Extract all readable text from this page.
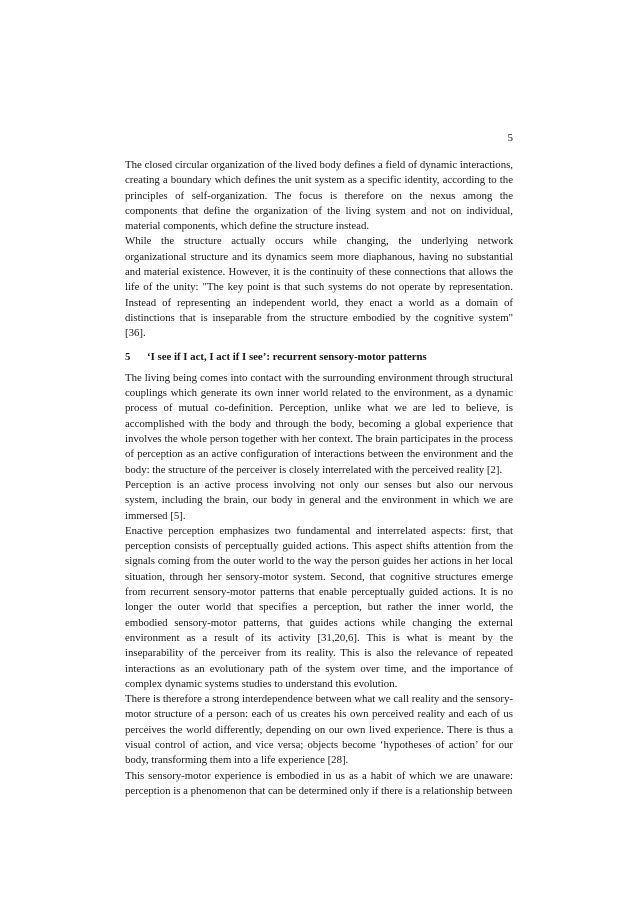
5

The closed circular organization of the lived body defines a field of dynamic interactions, creating a boundary which defines the unit system as a specific identity, according to the principles of self-organization. The focus is therefore on the nexus among the components that define the organization of the living system and not on individual, material components, which define the structure instead.

While the structure actually occurs while changing, the underlying network organizational structure and its dynamics seem more diaphanous, having no substantial and material existence. However, it is the continuity of these connections that allows the life of the unity: "The key point is that such systems do not operate by representation. Instead of representing an independent world, they enact a world as a domain of distinctions that is inseparable from the structure embodied by the cognitive system" [36].

5 ‘I see if I act, I act if I see’: recurrent sensory-motor patterns

The living being comes into contact with the surrounding environment through structural couplings which generate its own inner world related to the environment, as a dynamic process of mutual co-definition. Perception, unlike what we are led to believe, is accomplished with the body and through the body, becoming a global experience that involves the whole person together with her context. The brain participates in the process of perception as an active configuration of interactions between the environment and the body: the structure of the perceiver is closely interrelated with the perceived reality [2].

Perception is an active process involving not only our senses but also our nervous system, including the brain, our body in general and the environment in which we are immersed [5].

Enactive perception emphasizes two fundamental and interrelated aspects: first, that perception consists of perceptually guided actions. This aspect shifts attention from the signals coming from the outer world to the way the person guides her actions in her local situation, through her sensory-motor system. Second, that cognitive structures emerge from recurrent sensory-motor patterns that enable perceptually guided actions. It is no longer the outer world that specifies a perception, but rather the inner world, the embodied sensory-motor patterns, that guides actions while changing the external environment as a result of its activity [31,20,6]. This is what is meant by the inseparability of the perceiver from its reality. This is also the relevance of repeated interactions as an evolutionary path of the system over time, and the importance of complex dynamic systems studies to understand this evolution.

There is therefore a strong interdependence between what we call reality and the sensory-motor structure of a person: each of us creates his own perceived reality and each of us perceives the world differently, depending on our own lived experience. There is thus a visual control of action, and vice versa; objects become ‘hypotheses of action’ for our body, transforming them into a life experience [28].

This sensory-motor experience is embodied in us as a habit of which we are unaware: perception is a phenomenon that can be determined only if there is a relationship between
